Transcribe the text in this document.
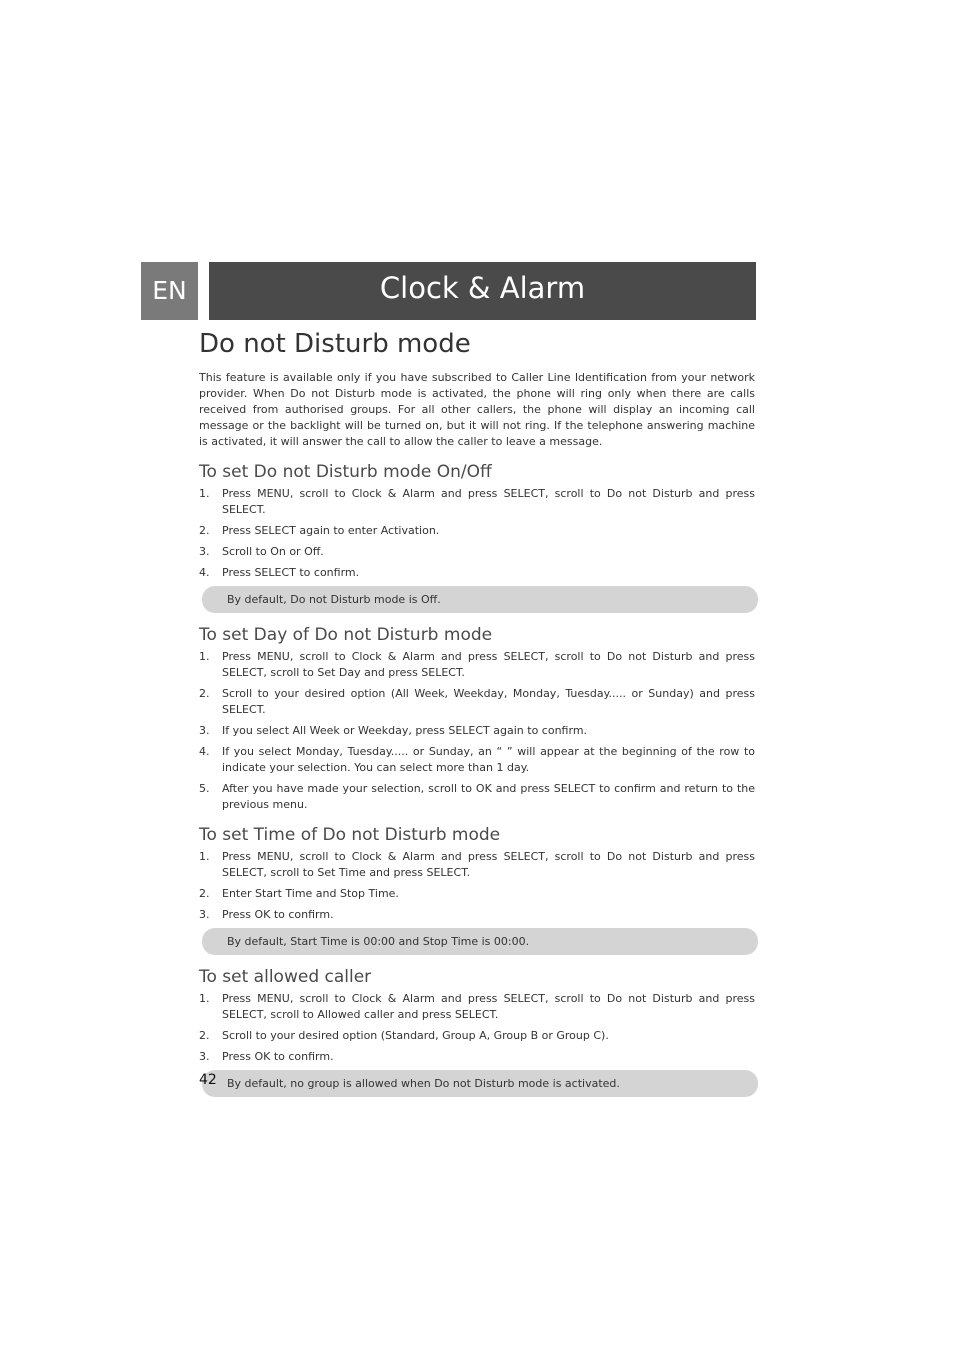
EN	Clock & Alarm
Do not Disturb mode

This feature is available only if you have subscribed to Caller Line Identification from your network provider. When Do not Disturb mode is activated, the phone will ring only when there are calls received from authorised groups. For all other callers, the phone will display an incoming call message or the backlight will be turned on, but it will not ring. If the telephone answering machine is activated, it will answer the call to allow the caller to leave a message.

To set Do not Disturb mode On/Off
1. Press MENU, scroll to Clock & Alarm and press SELECT, scroll to Do not Disturb and press SELECT.
2. Press SELECT again to enter Activation.
3. Scroll to On or Off.
4. Press SELECT to confirm.
By default, Do not Disturb mode is Off.
To set Day of Do not Disturb mode
1. Press MENU, scroll to Clock & Alarm and press SELECT, scroll to Do not Disturb and press SELECT, scroll to Set Day and press SELECT.
2. Scroll to your desired option (All Week, Weekday, Monday, Tuesday..... or Sunday) and press SELECT.
3. If you select All Week or Weekday, press SELECT again to confirm.
4. If you select Monday, Tuesday..... or Sunday, an “ ” will appear at the beginning of the row to indicate your selection. You can select more than 1 day.
5. After you have made your selection, scroll to OK and press SELECT to confirm and return to the previous menu.
To set Time of Do not Disturb mode
1. Press MENU, scroll to Clock & Alarm and press SELECT, scroll to Do not Disturb and press SELECT, scroll to Set Time and press SELECT.
2. Enter Start Time and Stop Time.
3. Press OK to confirm.
By default, Start Time is 00:00 and Stop Time is 00:00.
To set allowed caller
1. Press MENU, scroll to Clock & Alarm and press SELECT, scroll to Do not Disturb and press SELECT, scroll to Allowed caller and press SELECT.
2. Scroll to your desired option (Standard, Group A, Group B or Group C).
3. Press OK to confirm.
By default, no group is allowed when Do not Disturb mode is activated.
42
